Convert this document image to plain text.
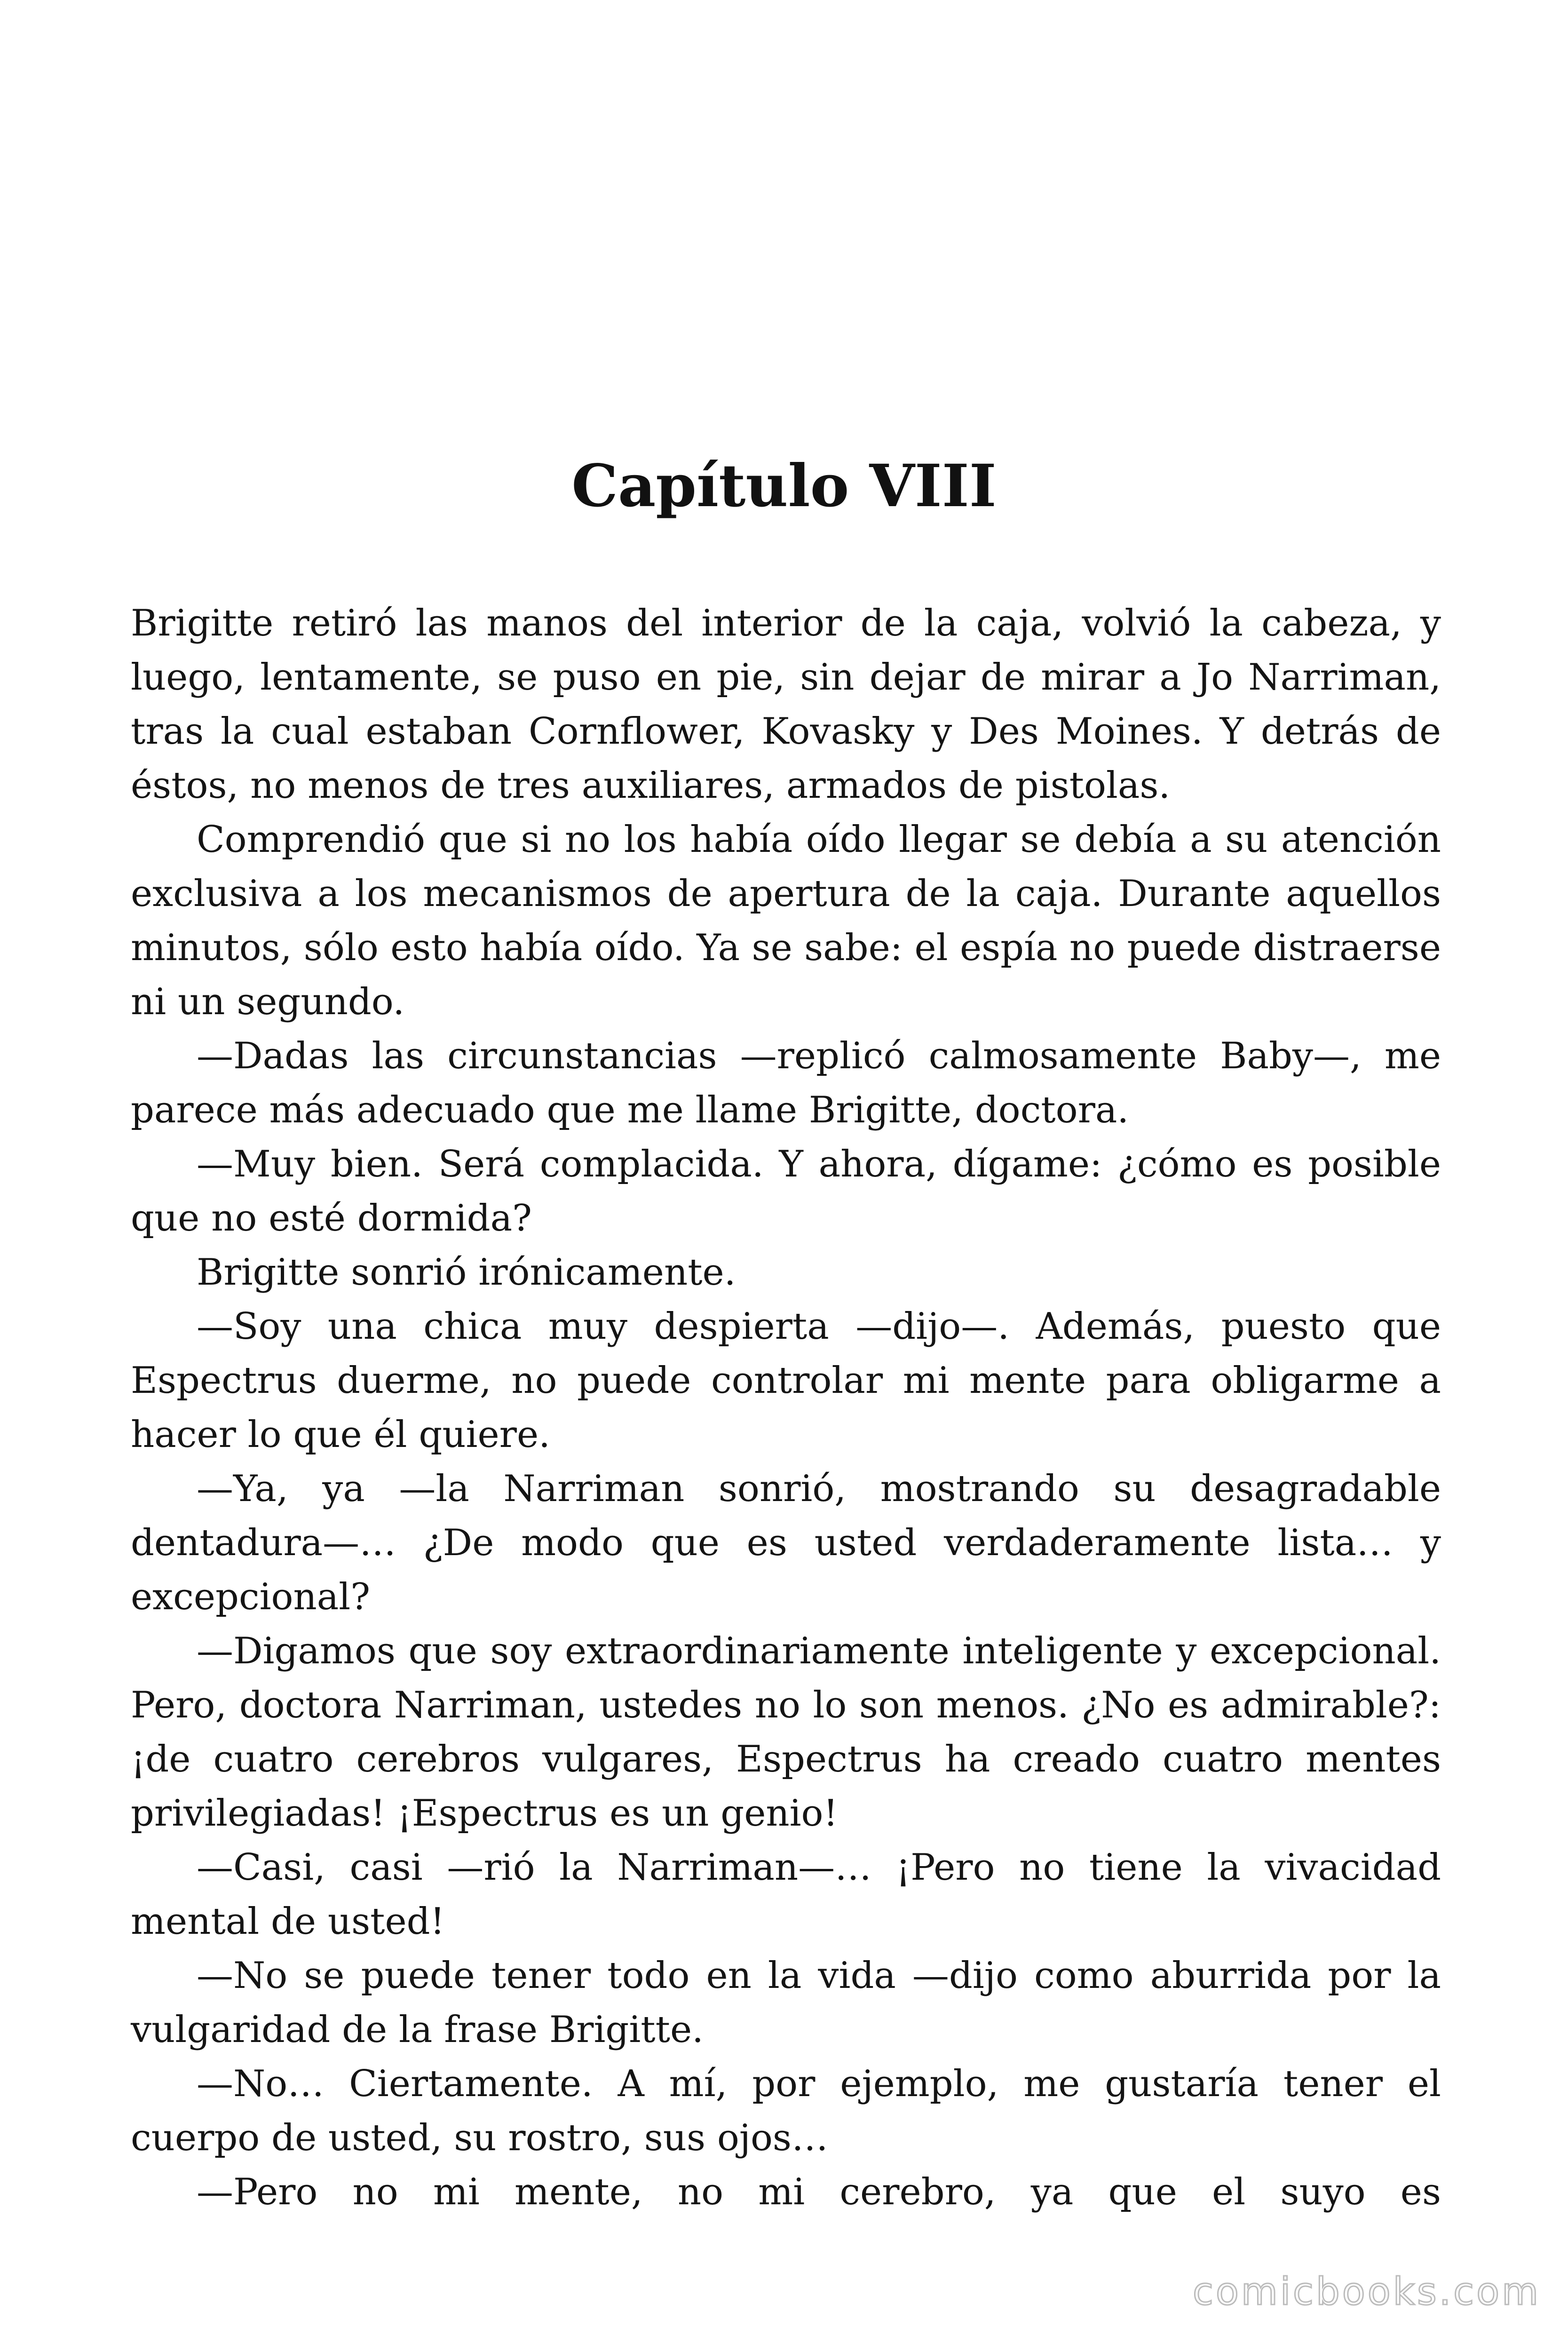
Capítulo VIII

Brigitte retiró las manos del interior de la caja, volvió la cabeza, y luego, lentamente, se puso en pie, sin dejar de mirar a Jo Narriman, tras la cual estaban Cornflower, Kovasky y Des Moines. Y detrás de éstos, no menos de tres auxiliares, armados de pistolas.

Comprendió que si no los había oído llegar se debía a su atención exclusiva a los mecanismos de apertura de la caja. Durante aquellos minutos, sólo esto había oído. Ya se sabe: el espía no puede distraerse ni un segundo.

—Dadas las circunstancias —replicó calmosamente Baby—, me parece más adecuado que me llame Brigitte, doctora.

—Muy bien. Será complacida. Y ahora, dígame: ¿cómo es posible que no esté dormida?

Brigitte sonrió irónicamente.

—Soy una chica muy despierta —dijo—. Además, puesto que Espectrus duerme, no puede controlar mi mente para obligarme a hacer lo que él quiere.

—Ya, ya —la Narriman sonrió, mostrando su desagradable dentadura—… ¿De modo que es usted verdaderamente lista… y excepcional?

—Digamos que soy extraordinariamente inteligente y excepcional. Pero, doctora Narriman, ustedes no lo son menos. ¿No es admirable?: ¡de cuatro cerebros vulgares, Espectrus ha creado cuatro mentes privilegiadas! ¡Espectrus es un genio!

—Casi, casi —rió la Narriman—… ¡Pero no tiene la vivacidad mental de usted!

—No se puede tener todo en la vida —dijo como aburrida por la vulgaridad de la frase Brigitte.

—No… Ciertamente. A mí, por ejemplo, me gustaría tener el cuerpo de usted, su rostro, sus ojos…

—Pero no mi mente, no mi cerebro, ya que el suyo es

comicbooks.com
